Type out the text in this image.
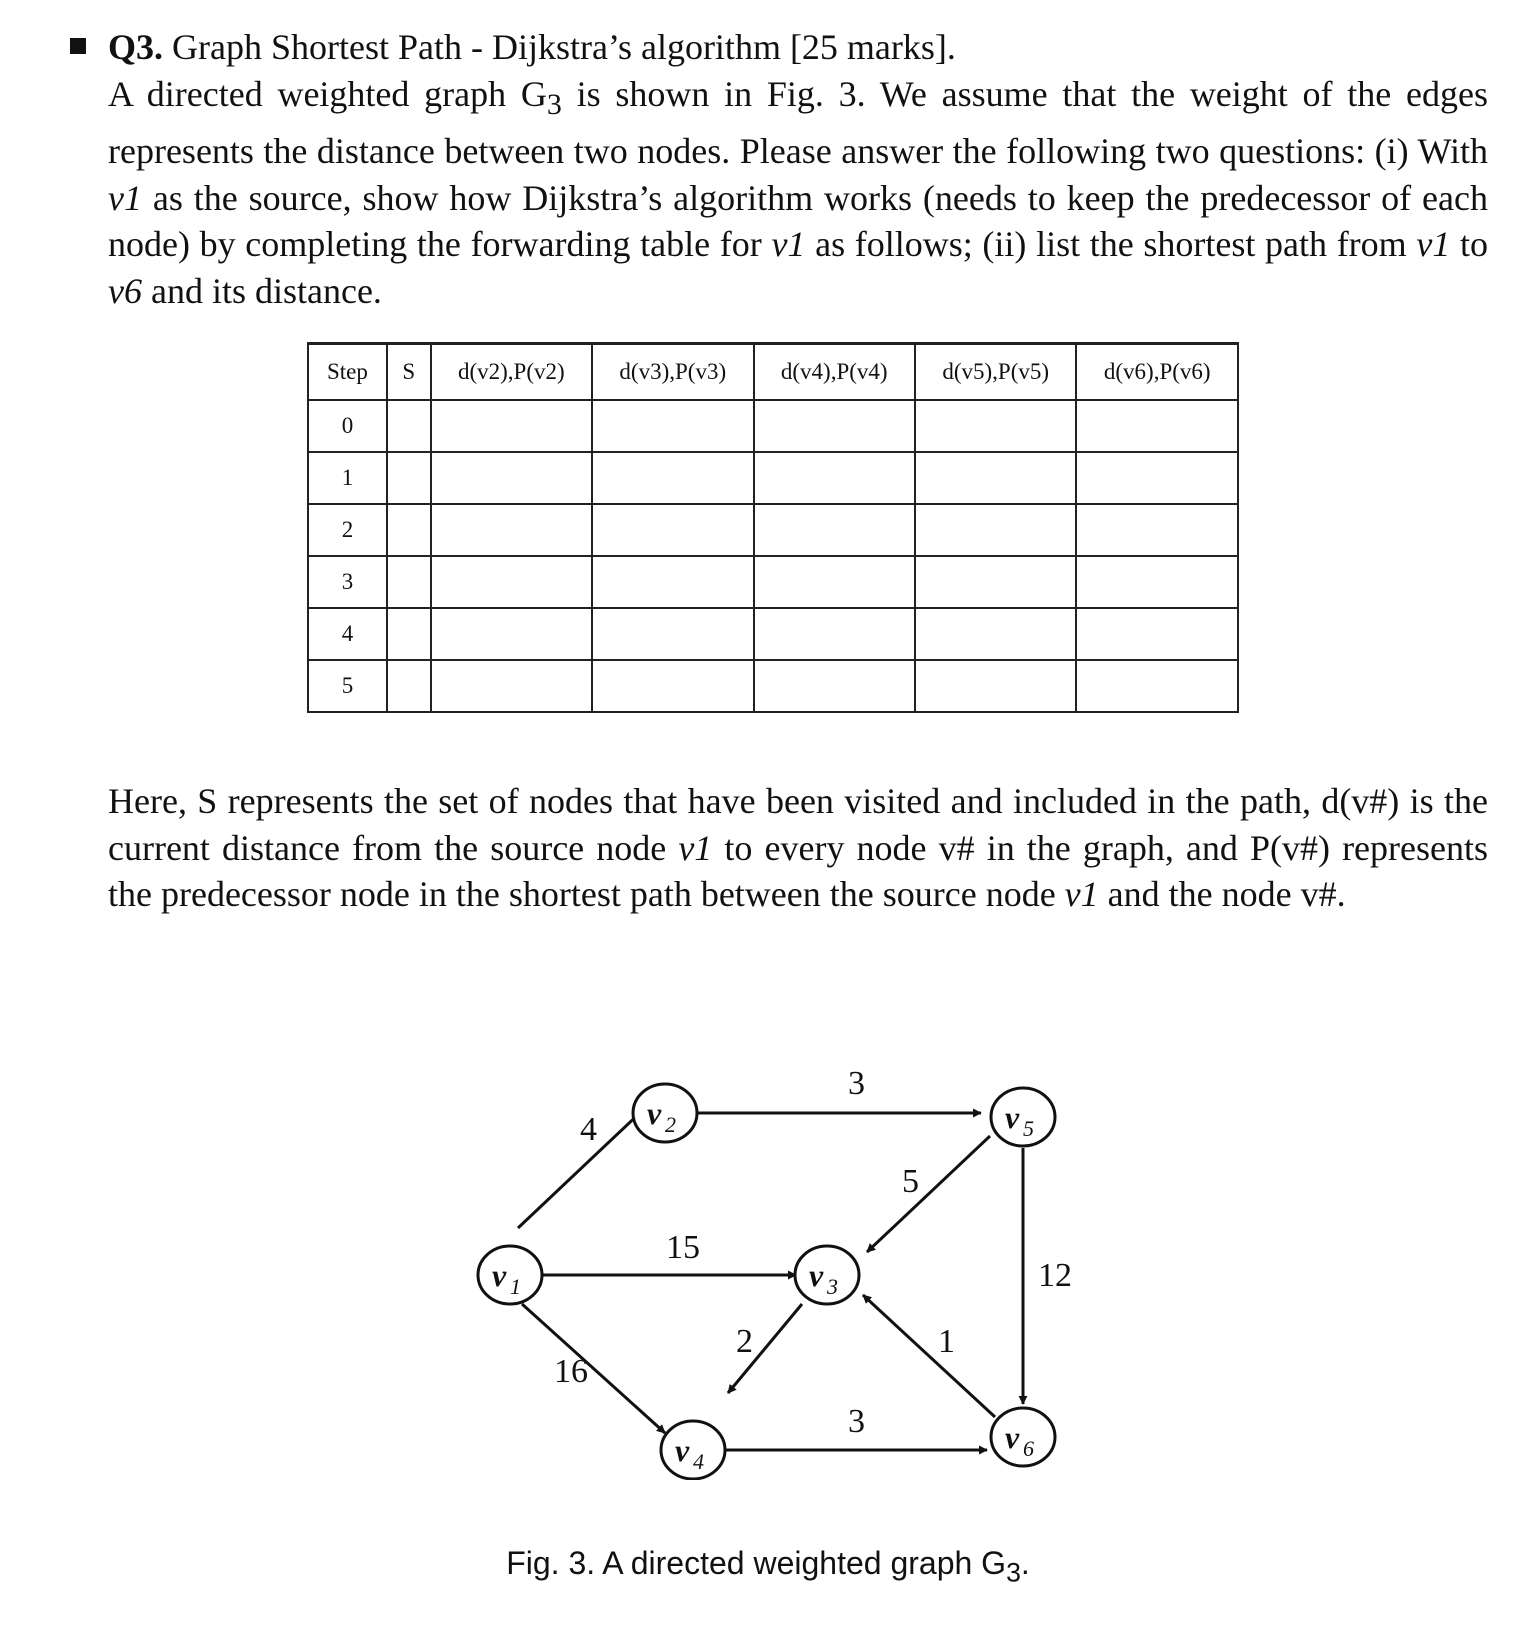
Q3. Graph Shortest Path - Dijkstra’s algorithm [25 marks].
A directed weighted graph $G_3$ is shown in Fig. 3. We assume that the weight of the edges represents the distance between two nodes. Please answer the following two questions: (i) With v1 as the source, show how Dijkstra’s algorithm works (needs to keep the predecessor of each node) by completing the forwarding table for v1 as follows; (ii) list the shortest path from v1 to v6 and its distance.
Step	S	d(v2),P(v2)	d(v3),P(v3)	d(v4),P(v4)	d(v5),P(v5)	d(v6),P(v6)
0						
1						
2						
3						
4						
5						
Here, S represents the set of nodes that have been visited and included in the path, d(v#) is the current distance from the source node v1 to every node v# in the graph, and P(v#) represents the predecessor node in the shortest path between the source node v1 and the node v#.
4
15
16
3
5
12
2	1
3
v 1
v 2
v 3
v 4
v 5
v 6
Fig. 3. A directed weighted graph $G_3$.
